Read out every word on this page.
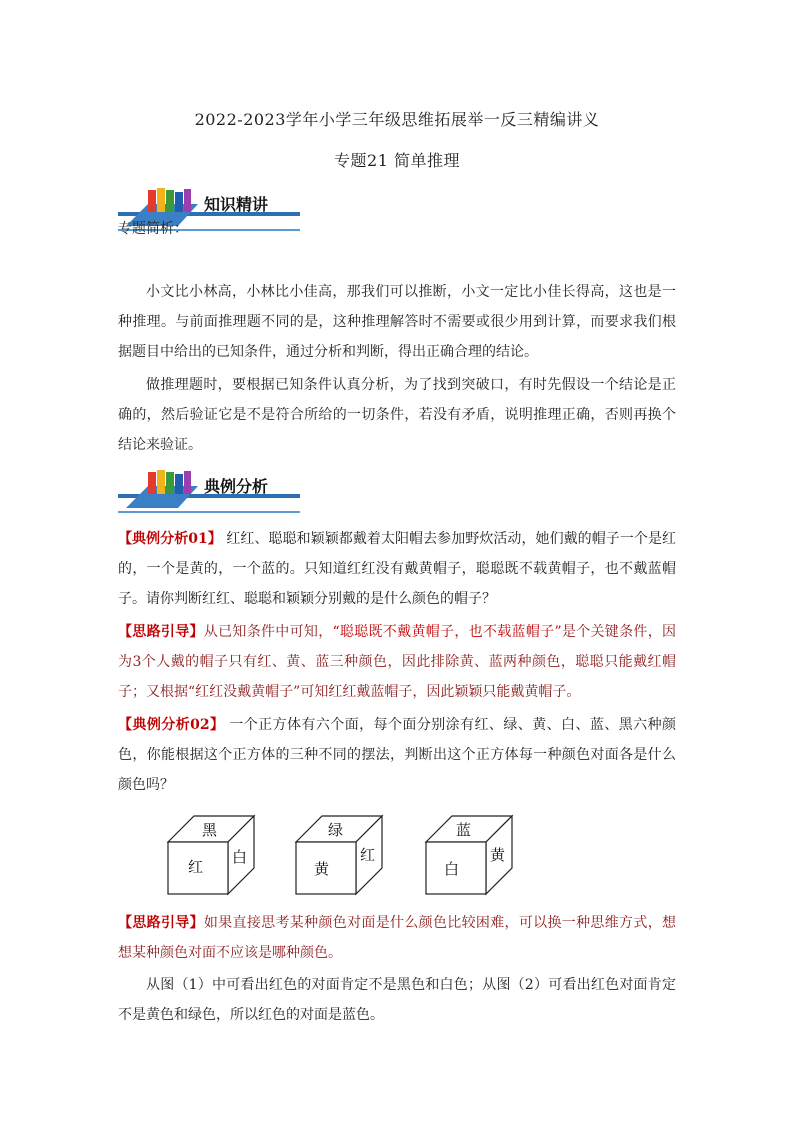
2022-2023学年小学三年级思维拓展举一反三精编讲义
专题21 简单推理
知识精讲
专题简析：
小文比小林高，小林比小佳高，那我们可以推断，小文一定比小佳长得高，这也是一种推理。与前面推理题不同的是，这种推理解答时不需要或很少用到计算，而要求我们根据题目中给出的已知条件，通过分析和判断，得出正确合理的结论。
做推理题时，要根据已知条件认真分析，为了找到突破口，有时先假设一个结论是正确的，然后验证它是不是符合所给的一切条件，若没有矛盾，说明推理正确，否则再换个结论来验证。
典例分析
【典例分析01】 红红、聪聪和颖颖都戴着太阳帽去参加野炊活动，她们戴的帽子一个是红的，一个是黄的，一个蓝的。只知道红红没有戴黄帽子，聪聪既不载黄帽子，也不戴蓝帽子。请你判断红红、聪聪和颖颖分别戴的是什么颜色的帽子？
【思路引导】从已知条件中可知，“聪聪既不戴黄帽子，也不载蓝帽子”是个关键条件，因为3个人戴的帽子只有红、黄、蓝三种颜色，因此排除黄、蓝两种颜色，聪聪只能戴红帽子；又根据“红红没戴黄帽子”可知红红戴蓝帽子，因此颖颖只能戴黄帽子。
【典例分析02】 一个正方体有六个面，每个面分别涂有红、绿、黄、白、蓝、黑六种颜色，你能根据这个正方体的三种不同的摆法，判断出这个正方体每一种颜色对面各是什么颜色吗？
黑
红
白
绿
黄
红
蓝
白
黄
【思路引导】如果直接思考某种颜色对面是什么颜色比较困难，可以换一种思维方式，想想某种颜色对面不应该是哪种颜色。
从图（1）中可看出红色的对面肯定不是黑色和白色；从图（2）可看出红色对面肯定不是黄色和绿色，所以红色的对面是蓝色。
